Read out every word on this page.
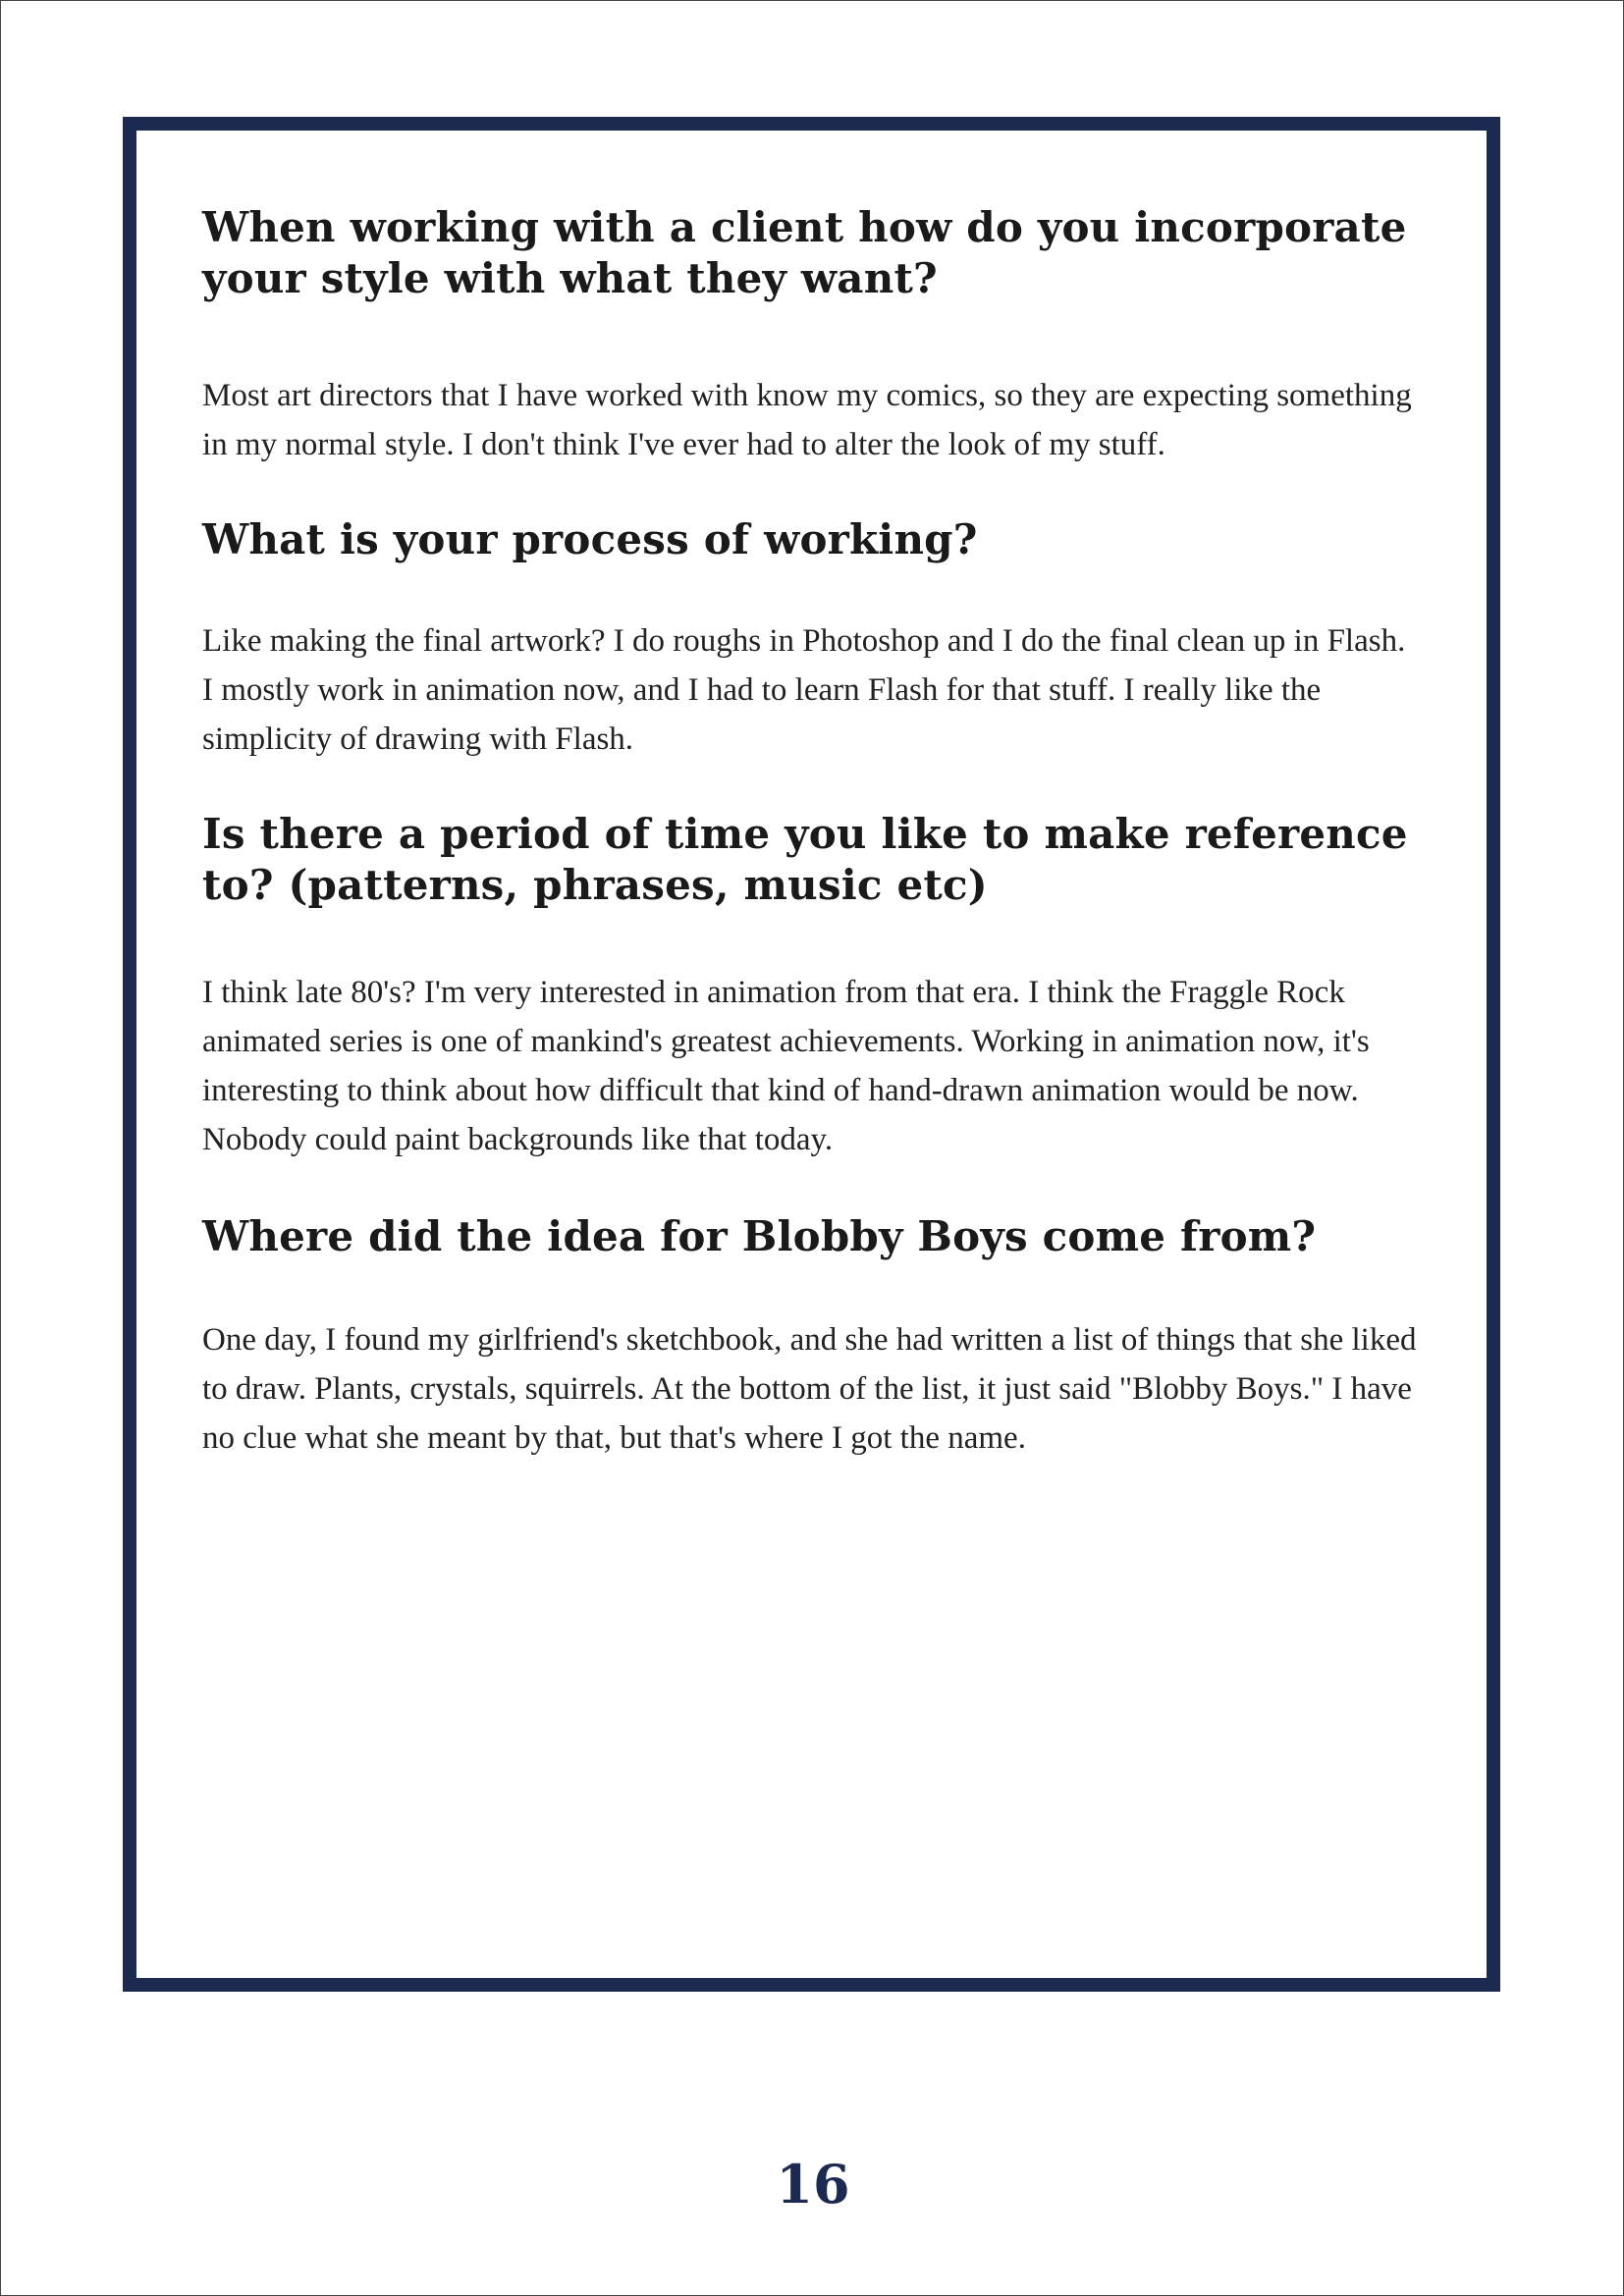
When working with a client how do you incorporate your style with what they want?

Most art directors that I have worked with know my comics, so they are expecting something in my normal style. I don't think I've ever had to alter the look of my stuff.

What is your process of working?

Like making the final artwork? I do roughs in Photoshop and I do the final clean up in Flash. I mostly work in animation now, and I had to learn Flash for that stuff. I really like the simplicity of drawing with Flash.

Is there a period of time you like to make reference to? (patterns, phrases, music etc)

I think late 80's? I'm very interested in animation from that era. I think the Fraggle Rock animated series is one of mankind's greatest achievements. Working in animation now, it's interesting to think about how difficult that kind of hand-drawn animation would be now. Nobody could paint backgrounds like that today.

Where did the idea for Blobby Boys come from?

One day, I found my girlfriend's sketchbook, and she had written a list of things that she liked to draw. Plants, crystals, squirrels. At the bottom of the list, it just said "Blobby Boys." I have no clue what she meant by that, but that's where I got the name.

16
